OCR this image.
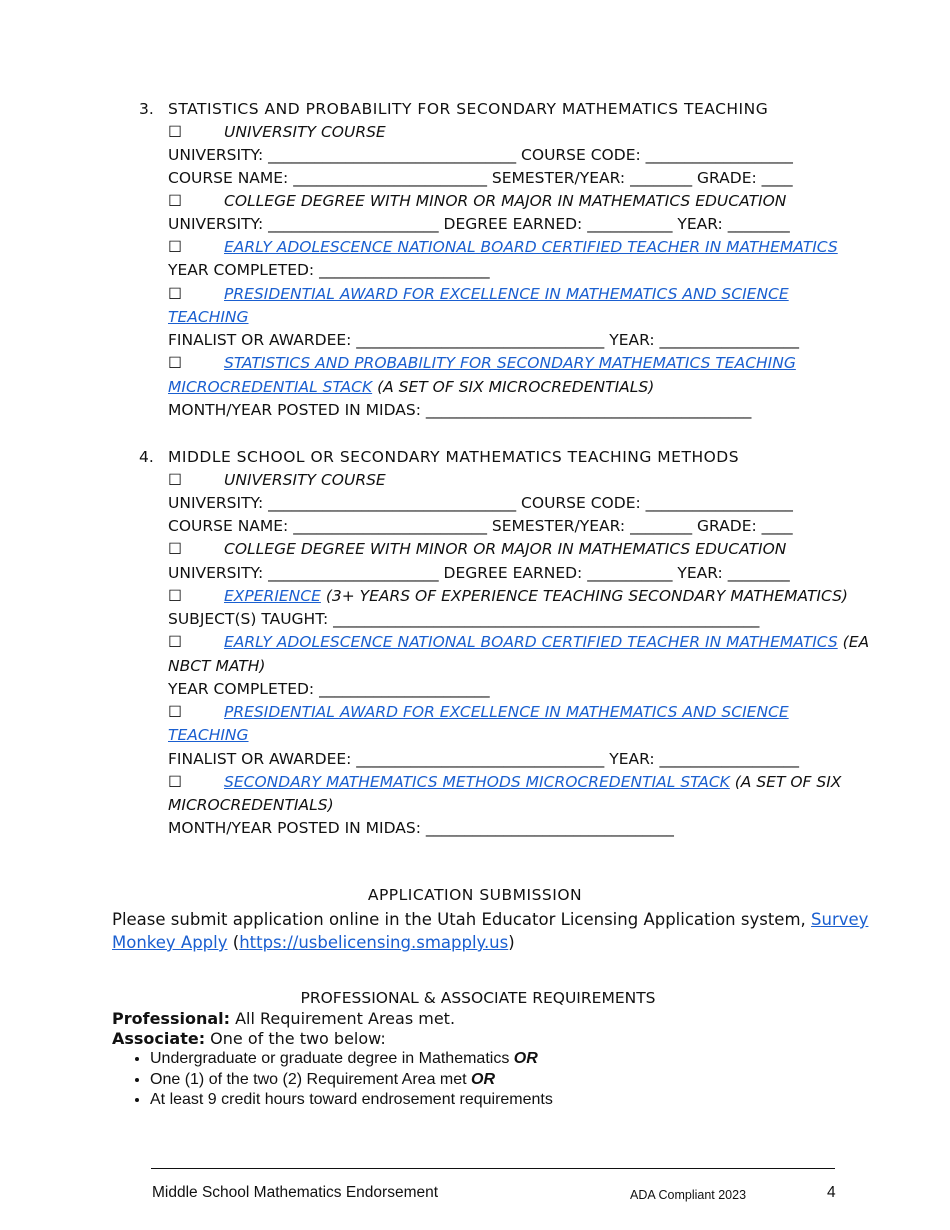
3. STATISTICS AND PROBABILITY FOR SECONDARY MATHEMATICS TEACHING
☐	UNIVERSITY COURSE
UNIVERSITY: ________________________________ COURSE CODE: ___________________
COURSE NAME: _________________________ SEMESTER/YEAR: ________ GRADE: ____
☐	COLLEGE DEGREE WITH MINOR OR MAJOR IN MATHEMATICS EDUCATION
UNIVERSITY: ______________________ DEGREE EARNED: ___________ YEAR: ________
☐	EARLY ADOLESCENCE NATIONAL BOARD CERTIFIED TEACHER IN MATHEMATICS
YEAR COMPLETED: ______________________
☐	PRESIDENTIAL AWARD FOR EXCELLENCE IN MATHEMATICS AND SCIENCE
TEACHING
FINALIST OR AWARDEE: ________________________________ YEAR: __________________
☐	STATISTICS AND PROBABILITY FOR SECONDARY MATHEMATICS TEACHING
MICROCREDENTIAL STACK (A SET OF SIX MICROCREDENTIALS)
MONTH/YEAR POSTED IN MIDAS: __________________________________________
4. MIDDLE SCHOOL OR SECONDARY MATHEMATICS TEACHING METHODS
☐	UNIVERSITY COURSE
UNIVERSITY: ________________________________ COURSE CODE: ___________________
COURSE NAME: _________________________ SEMESTER/YEAR: ________ GRADE: ____
☐	COLLEGE DEGREE WITH MINOR OR MAJOR IN MATHEMATICS EDUCATION
UNIVERSITY: ______________________ DEGREE EARNED: ___________ YEAR: ________
☐	EXPERIENCE (3+ YEARS OF EXPERIENCE TEACHING SECONDARY MATHEMATICS)
SUBJECT(S) TAUGHT: _______________________________________________________
☐	EARLY ADOLESCENCE NATIONAL BOARD CERTIFIED TEACHER IN MATHEMATICS (EA
NBCT MATH)
YEAR COMPLETED: ______________________
☐	PRESIDENTIAL AWARD FOR EXCELLENCE IN MATHEMATICS AND SCIENCE
TEACHING
FINALIST OR AWARDEE: ________________________________ YEAR: __________________
☐	SECONDARY MATHEMATICS METHODS MICROCREDENTIAL STACK (A SET OF SIX
MICROCREDENTIALS)
MONTH/YEAR POSTED IN MIDAS: ________________________________
APPLICATION SUBMISSION
Please submit application online in the Utah Educator Licensing Application system, Survey
Monkey Apply (https://usbelicensing.smapply.us)
PROFESSIONAL & ASSOCIATE REQUIREMENTS
Professional: All Requirement Areas met.
Associate: One of the two below:
• Undergraduate or graduate degree in Mathematics OR
• One (1) of the two (2) Requirement Area met OR
• At least 9 credit hours toward endrosement requirements
Middle School Mathematics Endorsement	ADA Compliant 2023	4
